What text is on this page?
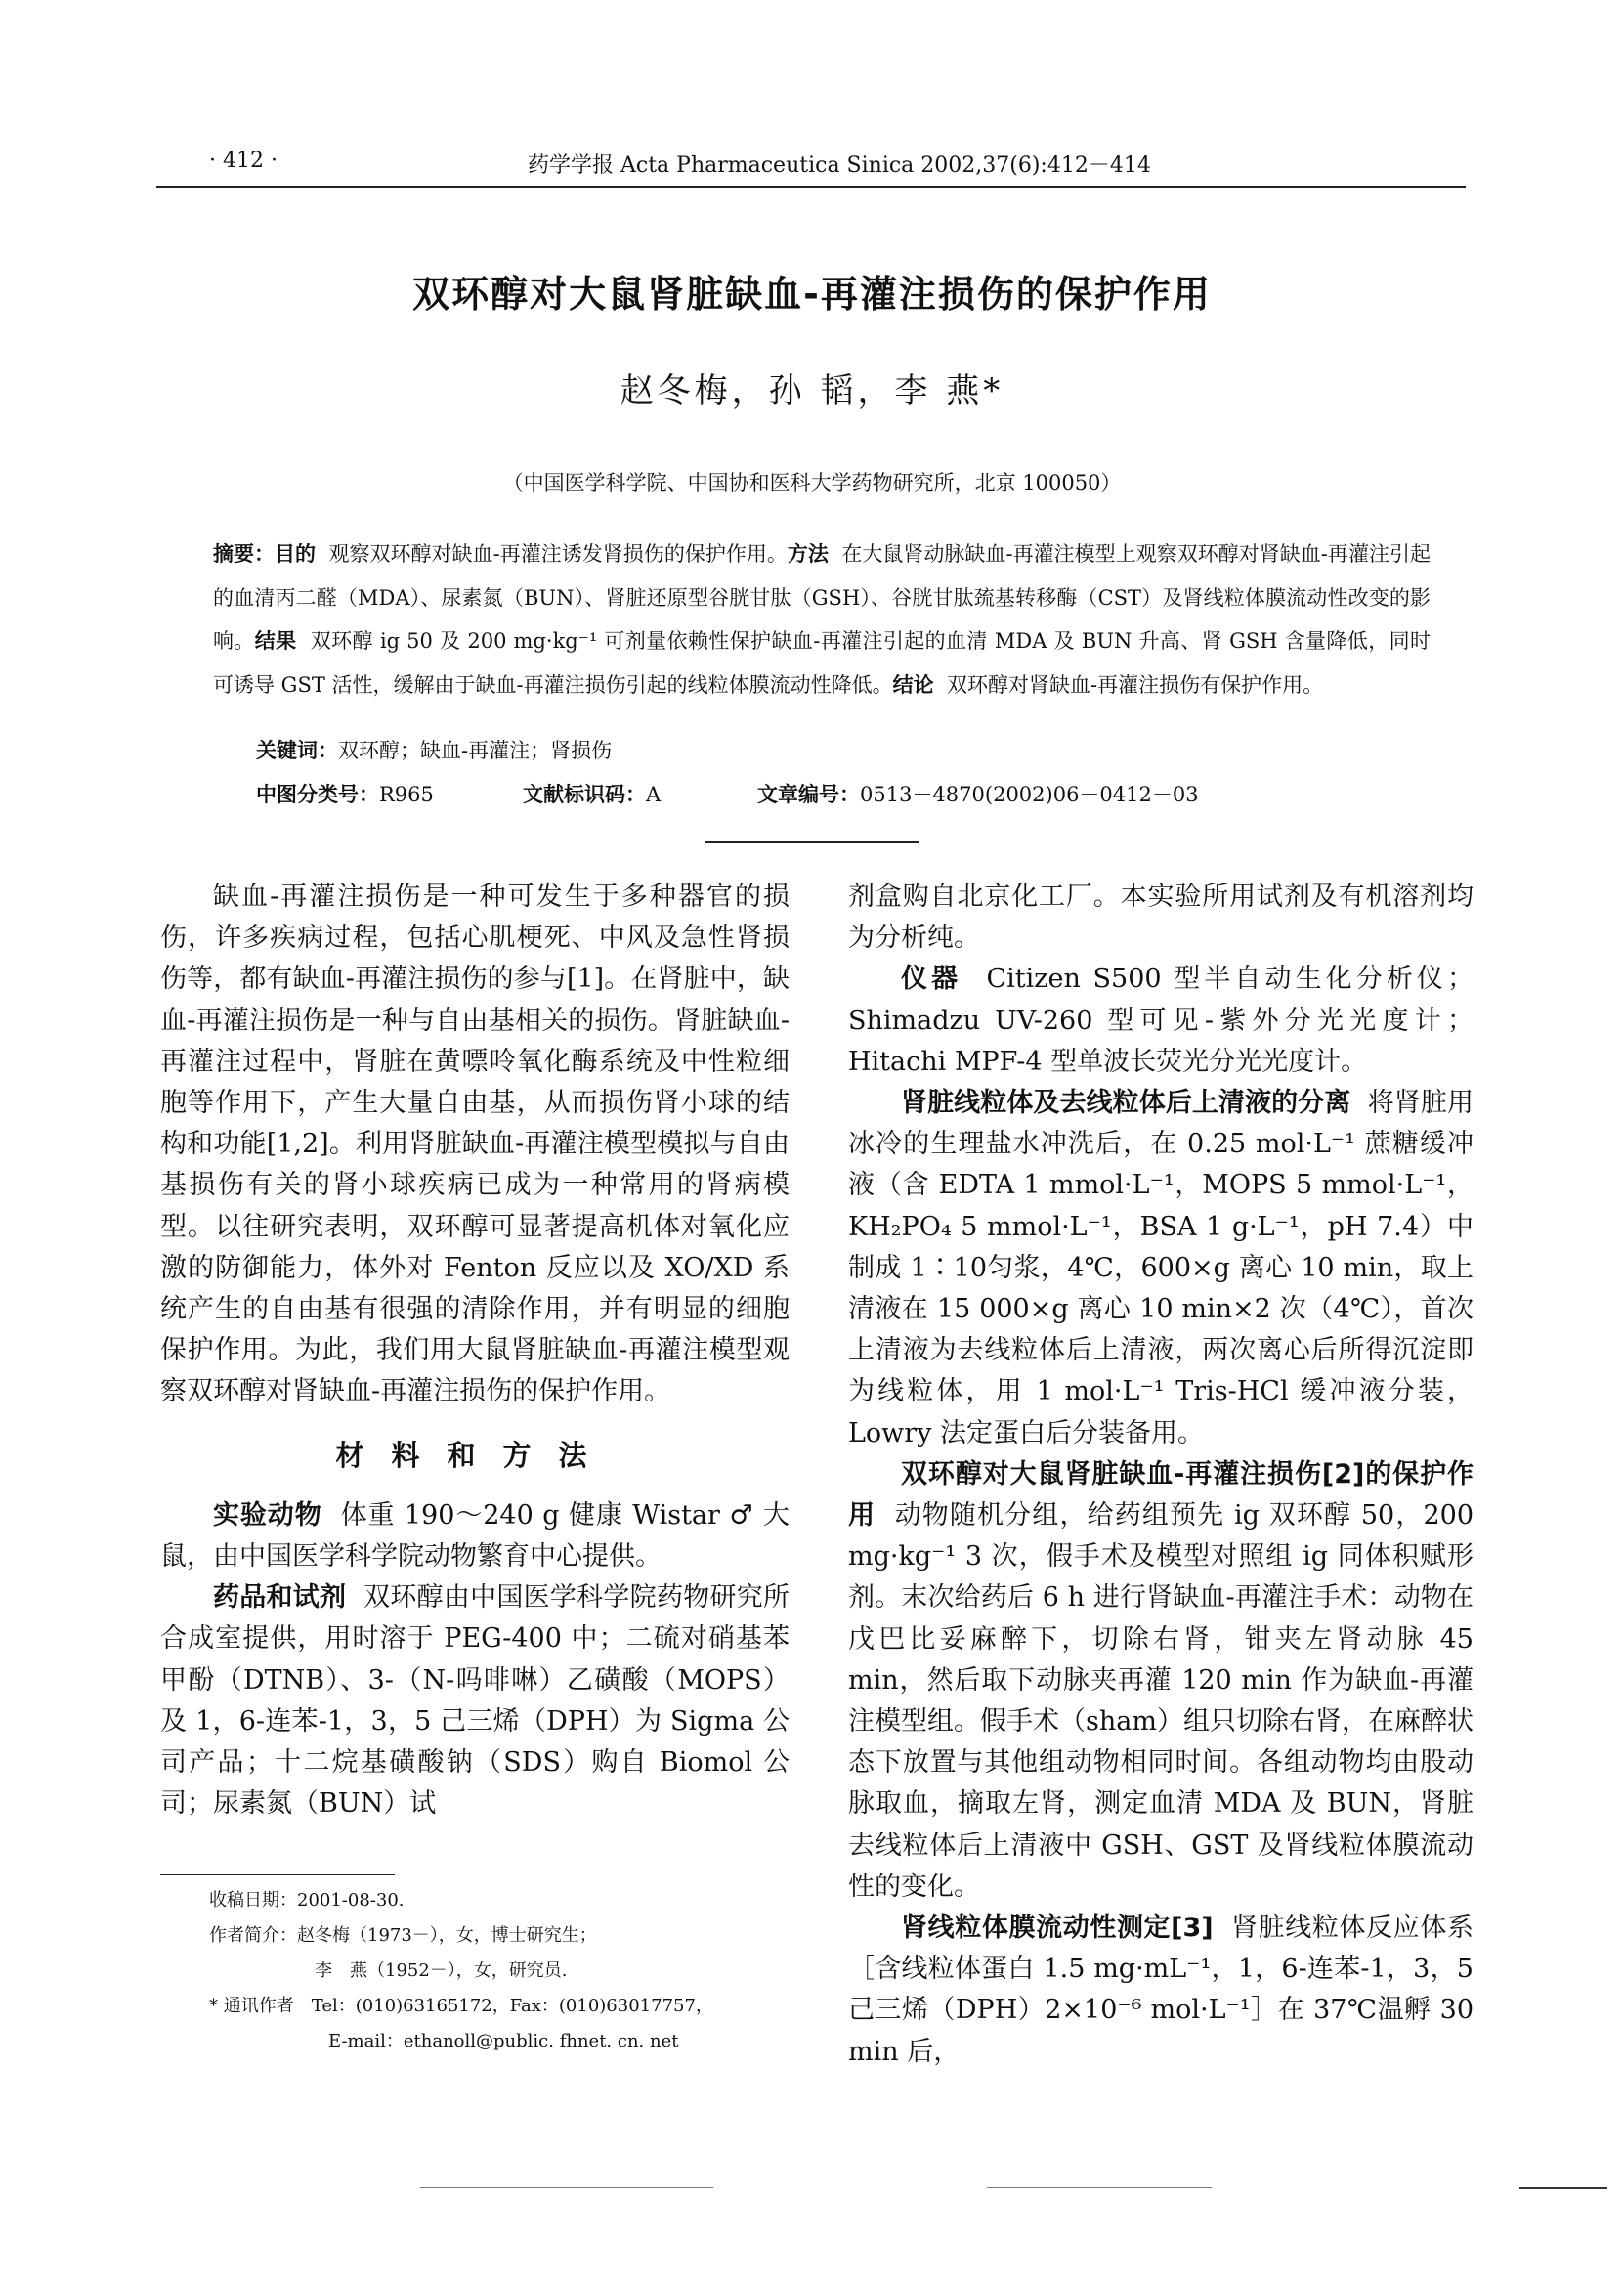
· 412 ·	药学学报 Acta Pharmaceutica Sinica 2002,37(6):412－414
双环醇对大鼠肾脏缺血-再灌注损伤的保护作用
赵冬梅，孙 韬，李 燕*
（中国医学科学院、中国协和医科大学药物研究所，北京 100050）
摘要：目的 观察双环醇对缺血-再灌注诱发肾损伤的保护作用。方法 在大鼠肾动脉缺血-再灌注模型上观察双环醇对肾缺血-再灌注引起的血清丙二醛（MDA）、尿素氮（BUN）、肾脏还原型谷胱甘肽（GSH）、谷胱甘肽巯基转移酶（CST）及肾线粒体膜流动性改变的影响。结果 双环醇 ig 50 及 200 mg·kg⁻¹ 可剂量依赖性保护缺血-再灌注引起的血清 MDA 及 BUN 升高、肾 GSH 含量降低，同时可诱导 GST 活性，缓解由于缺血-再灌注损伤引起的线粒体膜流动性降低。结论 双环醇对肾缺血-再灌注损伤有保护作用。
关键词：双环醇；缺血-再灌注；肾损伤
中图分类号：R965	文献标识码：A	文章编号：0513－4870(2002)06－0412－03

缺血-再灌注损伤是一种可发生于多种器官的损伤，许多疾病过程，包括心肌梗死、中风及急性肾损伤等，都有缺血-再灌注损伤的参与[1]。在肾脏中，缺血-再灌注损伤是一种与自由基相关的损伤。肾脏缺血-再灌注过程中，肾脏在黄嘌呤氧化酶系统及中性粒细胞等作用下，产生大量自由基，从而损伤肾小球的结构和功能[1,2]。利用肾脏缺血-再灌注模型模拟与自由基损伤有关的肾小球疾病已成为一种常用的肾病模型。以往研究表明，双环醇可显著提高机体对氧化应激的防御能力，体外对 Fenton 反应以及 XO/XD 系统产生的自由基有很强的清除作用，并有明显的细胞保护作用。为此，我们用大鼠肾脏缺血-再灌注模型观察双环醇对肾缺血-再灌注损伤的保护作用。

材料和方法

实验动物 体重 190～240 g 健康 Wistar ♂ 大鼠，由中国医学科学院动物繁育中心提供。

药品和试剂 双环醇由中国医学科学院药物研究所合成室提供，用时溶于 PEG-400 中；二硫对硝基苯甲酚（DTNB）、3-（N-吗啡啉）乙磺酸（MOPS）及 1，6-连苯-1，3，5 己三烯（DPH）为 Sigma 公司产品；十二烷基磺酸钠（SDS）购自 Biomol 公司；尿素氮（BUN）试

收稿日期：2001-08-30.
作者简介：赵冬梅（1973－），女，博士研究生；
李　燕（1952－），女，研究员.
* 通讯作者　Tel：(010)63165172，Fax：(010)63017757，
E-mail：ethanoll@public. fhnet. cn. net

剂盒购自北京化工厂。本实验所用试剂及有机溶剂均为分析纯。

仪器 Citizen S500 型半自动生化分析仪；Shimadzu UV-260 型可见-紫外分光光度计；Hitachi MPF-4 型单波长荧光分光光度计。

肾脏线粒体及去线粒体后上清液的分离 将肾脏用冰冷的生理盐水冲洗后，在 0.25 mol·L⁻¹ 蔗糖缓冲液（含 EDTA 1 mmol·L⁻¹，MOPS 5 mmol·L⁻¹，KH₂PO₄ 5 mmol·L⁻¹，BSA 1 g·L⁻¹，pH 7.4）中制成 1∶10匀浆，4℃，600×g 离心 10 min，取上清液在 15 000×g 离心 10 min×2 次（4℃），首次上清液为去线粒体后上清液，两次离心后所得沉淀即为线粒体，用 1 mol·L⁻¹ Tris-HCl 缓冲液分装，Lowry 法定蛋白后分装备用。

双环醇对大鼠肾脏缺血-再灌注损伤[2]的保护作用 动物随机分组，给药组预先 ig 双环醇 50，200 mg·kg⁻¹ 3 次，假手术及模型对照组 ig 同体积赋形剂。末次给药后 6 h 进行肾缺血-再灌注手术：动物在戊巴比妥麻醉下，切除右肾，钳夹左肾动脉 45 min，然后取下动脉夹再灌 120 min 作为缺血-再灌注模型组。假手术（sham）组只切除右肾，在麻醉状态下放置与其他组动物相同时间。各组动物均由股动脉取血，摘取左肾，测定血清 MDA 及 BUN，肾脏去线粒体后上清液中 GSH、GST 及肾线粒体膜流动性的变化。

肾线粒体膜流动性测定[3] 肾脏线粒体反应体系［含线粒体蛋白 1.5 mg·mL⁻¹，1，6-连苯-1，3，5 己三烯（DPH）2×10⁻⁶ mol·L⁻¹］在 37℃温孵 30 min 后，
